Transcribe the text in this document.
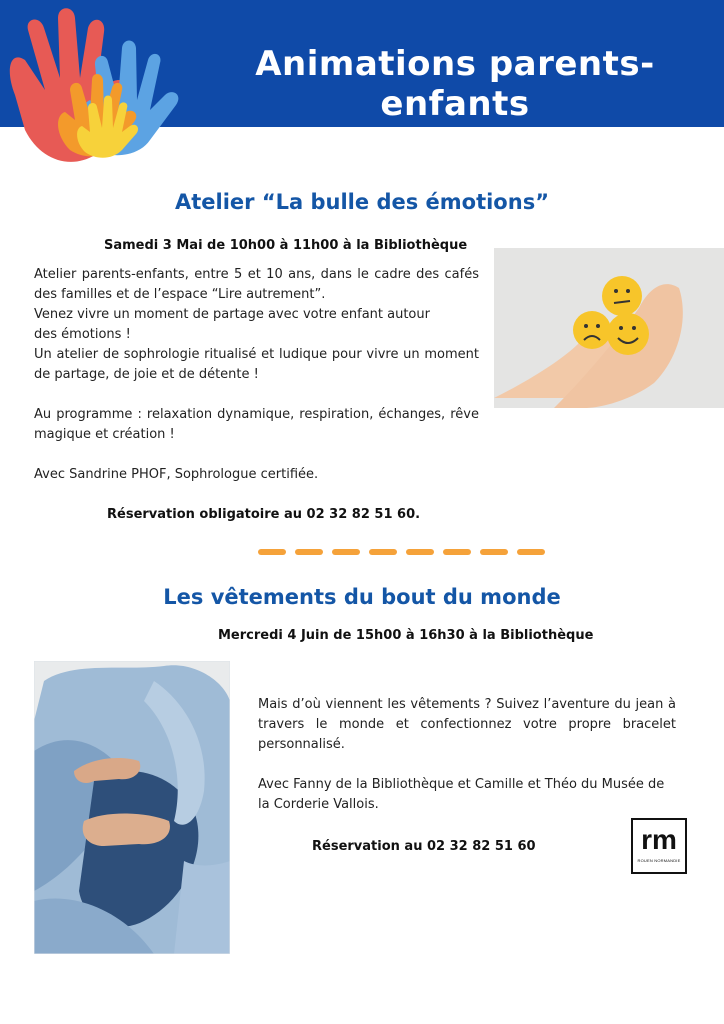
Animations parents-enfants
Atelier “La bulle des émotions”
Samedi 3 Mai de 10h00 à 11h00 à la Bibliothèque

Atelier parents-enfants, entre 5 et 10 ans, dans le cadre des cafés des familles et de l’espace “Lire autrement”.

Venez vivre un moment de partage avec votre enfant autour

des émotions !

Un atelier de sophrologie ritualisé et ludique pour vivre un moment de partage, de joie et de détente !

Au programme : relaxation dynamique, respiration, échanges, rêve magique et création !

Avec Sandrine PHOF, Sophrologue certifiée.

Réservation obligatoire au 02 32 82 51 60.
Les vêtements du bout du monde
Mercredi 4 Juin de 15h00 à 16h30 à la Bibliothèque

Mais d’où viennent les vêtements ? Suivez l’aventure du jean à travers le monde et confectionnez votre propre bracelet personnalisé.

Avec Fanny de la Bibliothèque et Camille et Théo du Musée de la Corderie Vallois.

Réservation au 02 32 82 51 60	rm
ROUEN NORMANDIE
